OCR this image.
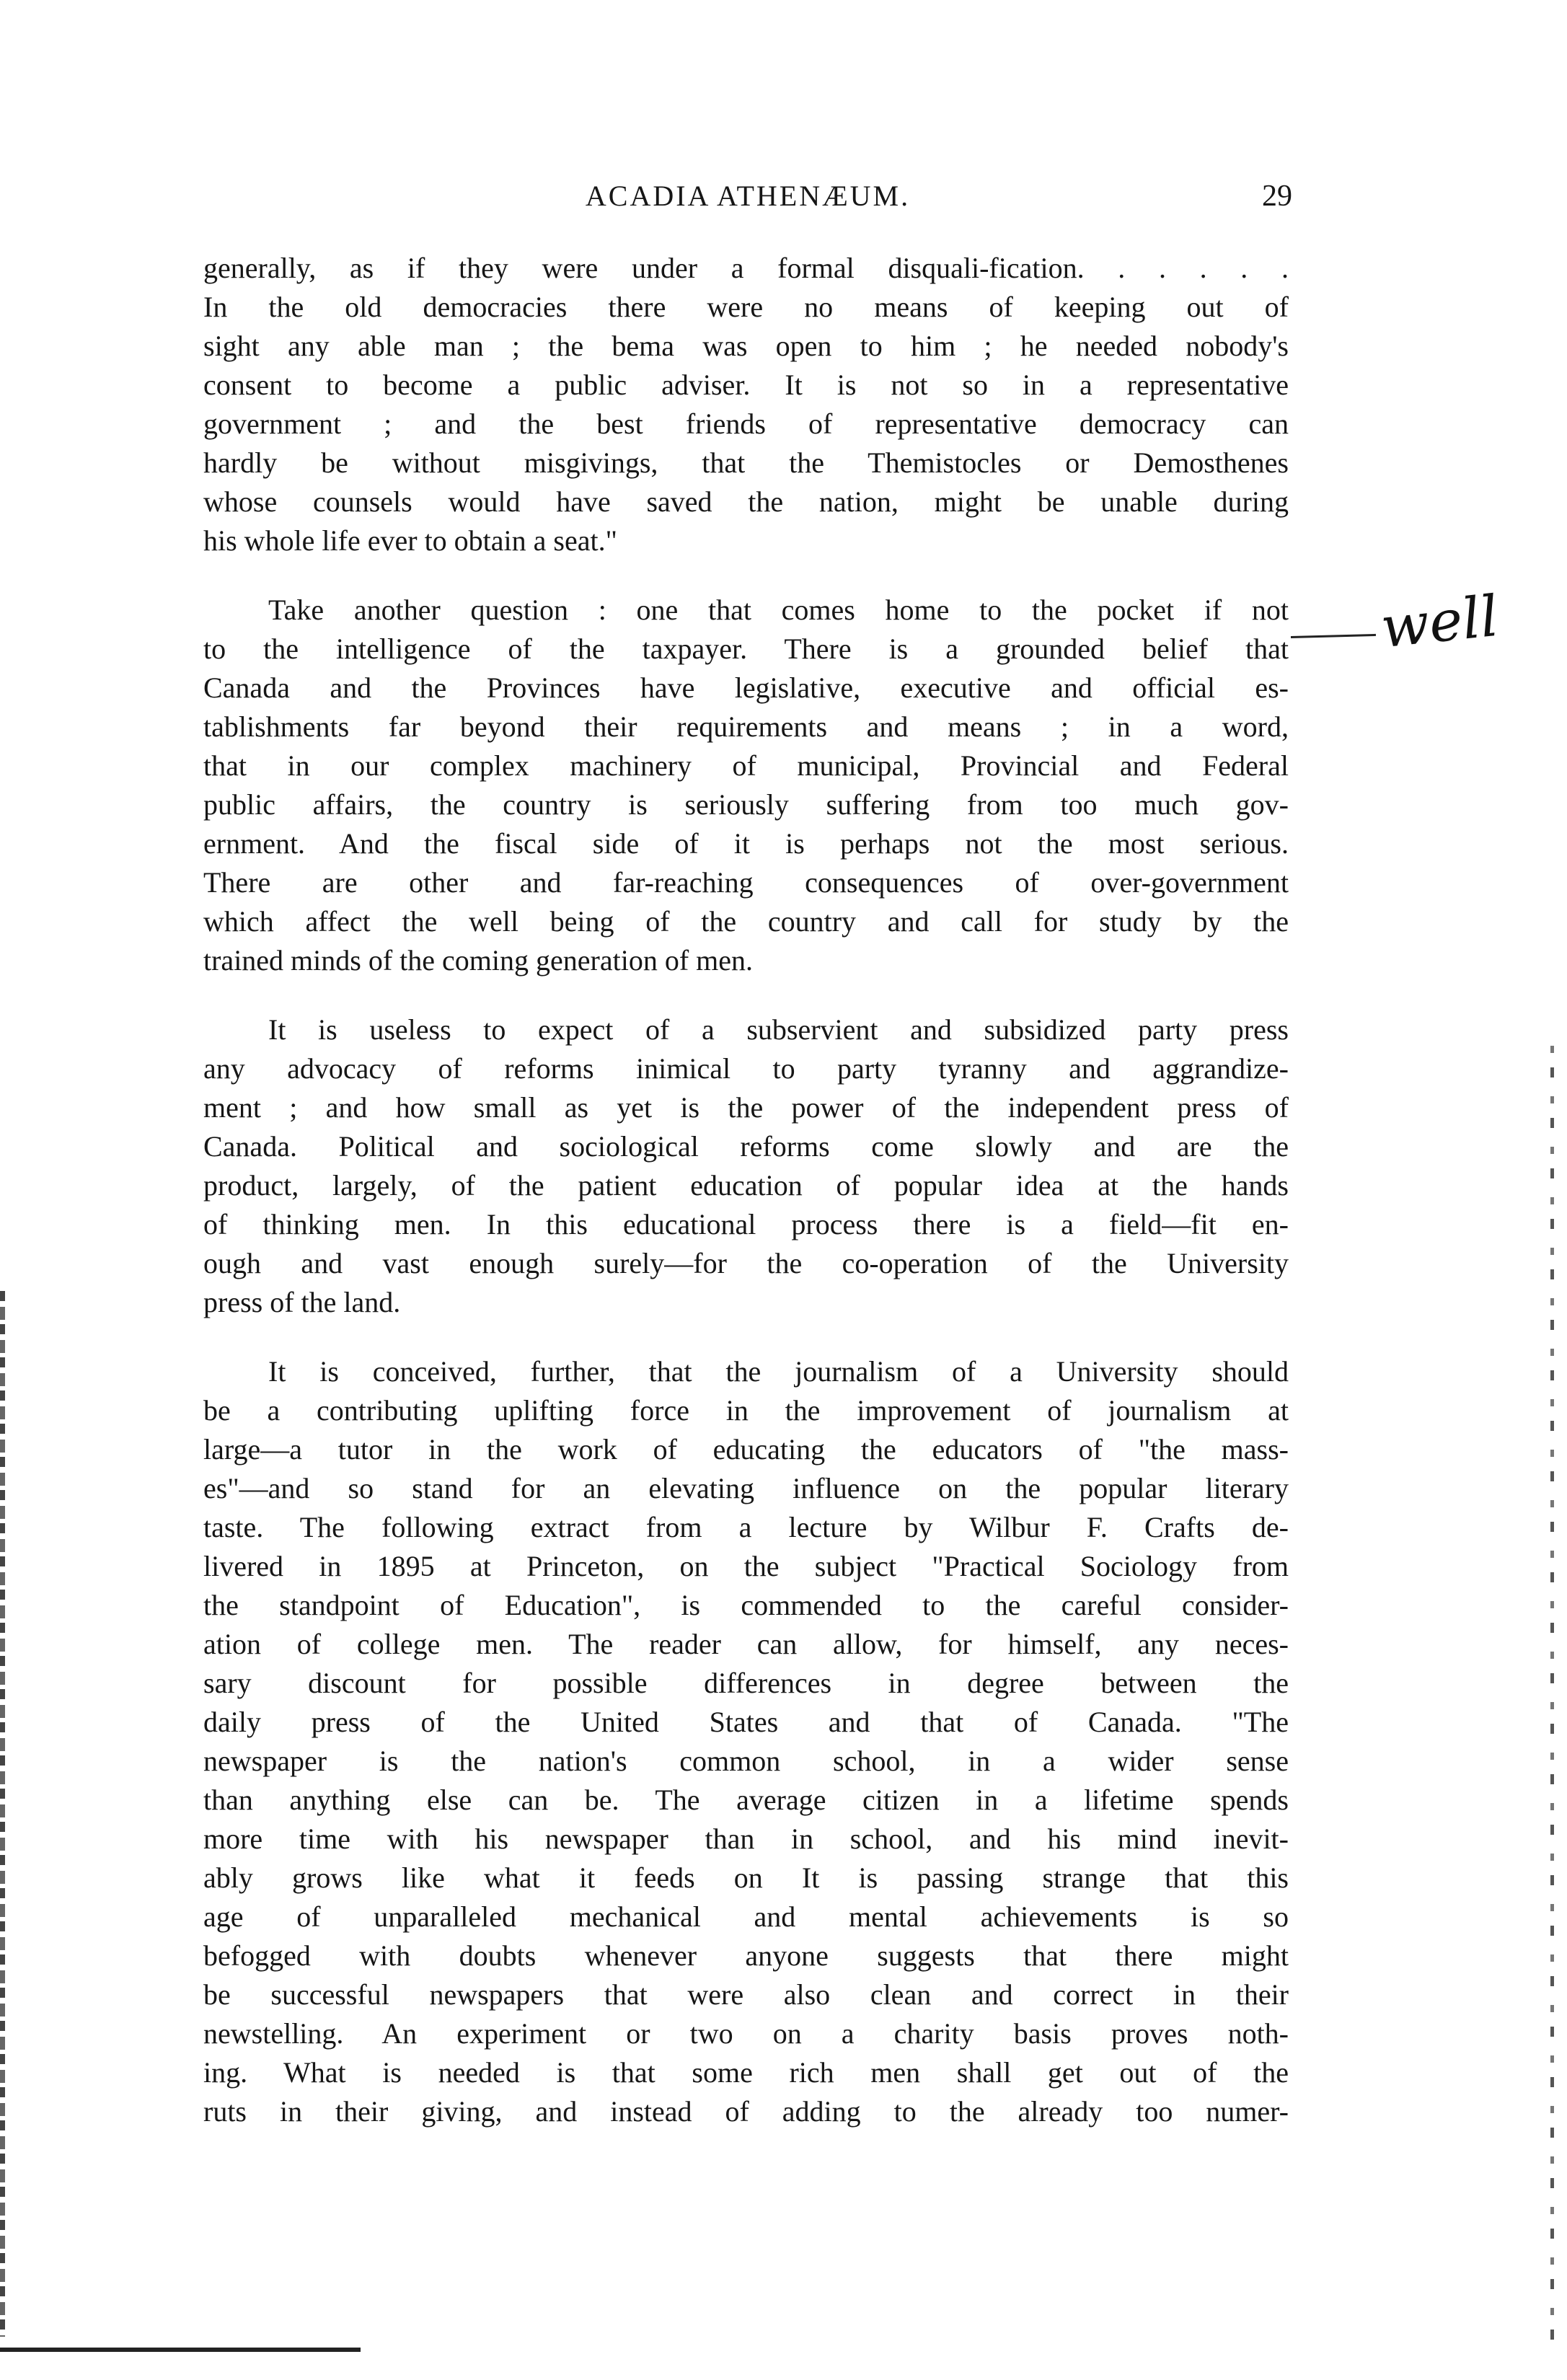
ACADIA ATHENÆUM.	29
generally, as if they were under a formal disquali-fication. . . . . .
In the old democracies there were no means of keeping out of
sight any able man ; the bema was open to him ; he needed nobody's
consent to become a public adviser. It is not so in a representative
government ; and the best friends of representative democracy can
hardly be without misgivings, that the Themistocles or Demosthenes
whose counsels would have saved the nation, might be unable during
his whole life ever to obtain a seat."
Take another question : one that comes home to the pocket if not
to the intelligence of the taxpayer. There is a grounded belief that
Canada and the Provinces have legislative, executive and official es-
tablishments far beyond their requirements and means ; in a word,
that in our complex machinery of municipal, Provincial and Federal
public affairs, the country is seriously suffering from too much gov-
ernment. And the fiscal side of it is perhaps not the most serious.
There are other and far-reaching consequences of over-government
which affect the well being of the country and call for study by the
trained minds of the coming generation of men.
It is useless to expect of a subservient and subsidized party press
any advocacy of reforms inimical to party tyranny and aggrandize-
ment ; and how small as yet is the power of the independent press of
Canada. Political and sociological reforms come slowly and are the
product, largely, of the patient education of popular idea at the hands
of thinking men. In this educational process there is a field—fit en-
ough and vast enough surely—for the co-operation of the University
press of the land.
It is conceived, further, that the journalism of a University should
be a contributing uplifting force in the improvement of journalism at
large—a tutor in the work of educating the educators of "the mass-
es"—and so stand for an elevating influence on the popular literary
taste. The following extract from a lecture by Wilbur F. Crafts de-
livered in 1895 at Princeton, on the subject "Practical Sociology from
the standpoint of Education", is commended to the careful consider-
ation of college men. The reader can allow, for himself, any neces-
sary discount for possible differences in degree between the
daily press of the United States and that of Canada. "The
newspaper is the nation's common school, in a wider sense
than anything else can be. The average citizen in a lifetime spends
more time with his newspaper than in school, and his mind inevit-
ably grows like what it feeds on It is passing strange that this
age of unparalleled mechanical and mental achievements is so
befogged with doubts whenever anyone suggests that there might
be successful newspapers that were also clean and correct in their
newstelling. An experiment or two on a charity basis proves noth-
ing. What is needed is that some rich men shall get out of the
ruts in their giving, and instead of adding to the already too numer-
well
